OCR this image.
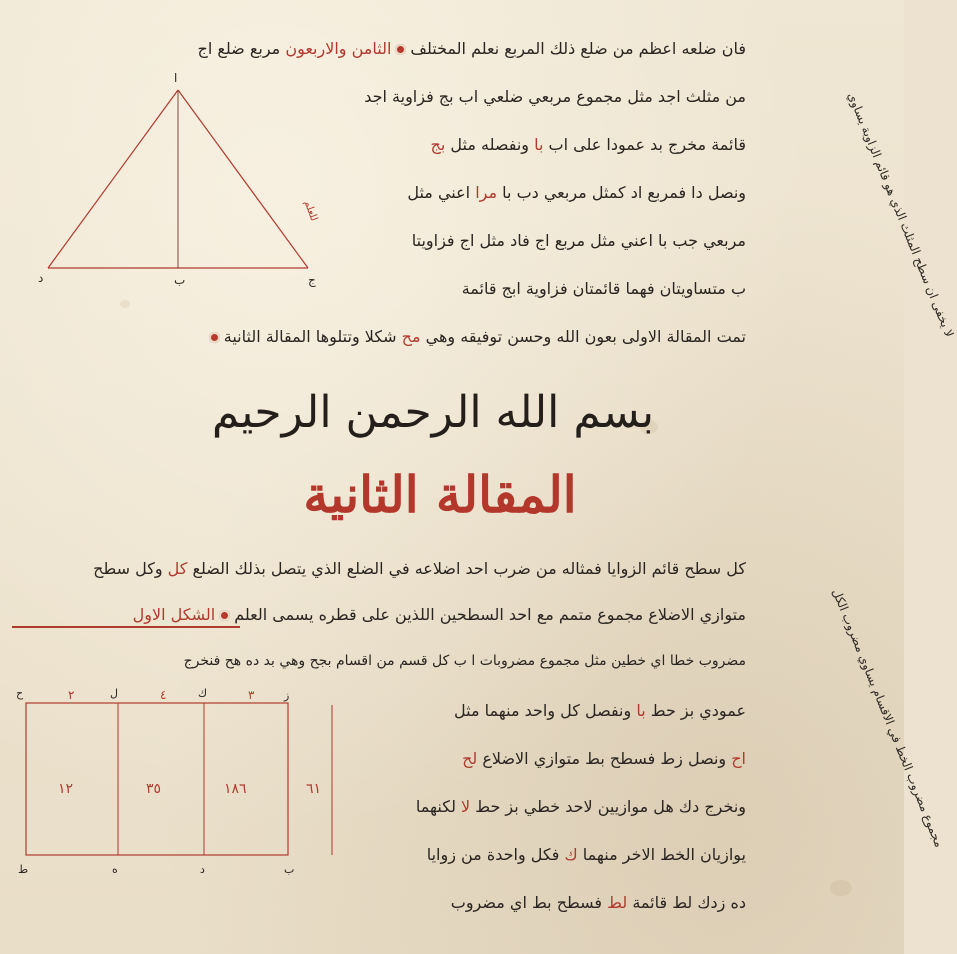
فان ضلعه اعظم من ضلع ذلك المربع نعلم المختلفالثامن والاربعون مربع ضلع اج
من مثلث اجد مثل مجموع مربعي ضلعي اب بج فزاوية اجد
قائمة مخرج بد عمودا على اب با ونفصله مثل بج
ونصل دا فمربع اد كمثل مربعي دب با مرا اعني مثل
مربعي جب با اعني مثل مربع اج فاد مثل اج فزاويتا
ب متساويتان فهما قائمتان فزاوية ابج قائمة
تمت المقالة الاولى بعون الله وحسن توفيقه وهي مح شكلا وتتلوها المقالة الثانية
ا
د	ب	ج
للعلم
بسم الله الرحمن الرحيم
المقالة الثانية
كل سطح قائم الزوايا فمثاله من ضرب احد اضلاعه في الضلع الذي يتصل بذلك الضلع كل وكل سطح
متوازي الاضلاع مجموع متمم مع احد السطحين اللذين على قطره يسمى العلمالشكل الاول
مضروب خطا اي خطين مثل مجموع مضروبات ا ب كل قسم من اقسام بجح وهي بد ده هح فنخرج
عمودي بز حط با ونفصل كل واحد منهما مثل
اح ونصل زط فسطح بط متوازي الاضلاع لح
ونخرج دك هل موازيين لاحد خطي بز حط لا لكنهما
يوازيان الخط الاخر منهما ك فكل واحدة من زوايا
ده زدك لط قائمة لط فسطح بط اي مضروب
٢	٤	٣
ح	ل	ك	ز
١٢	٣٥	١٨٦	٦١
ط	ه	د	ب
لا يخفى ان سطح المثلث الذي هو قائم الزاوية يساوي
مجموع مضروب الخط في الاقسام يساوي مضروب الكل
